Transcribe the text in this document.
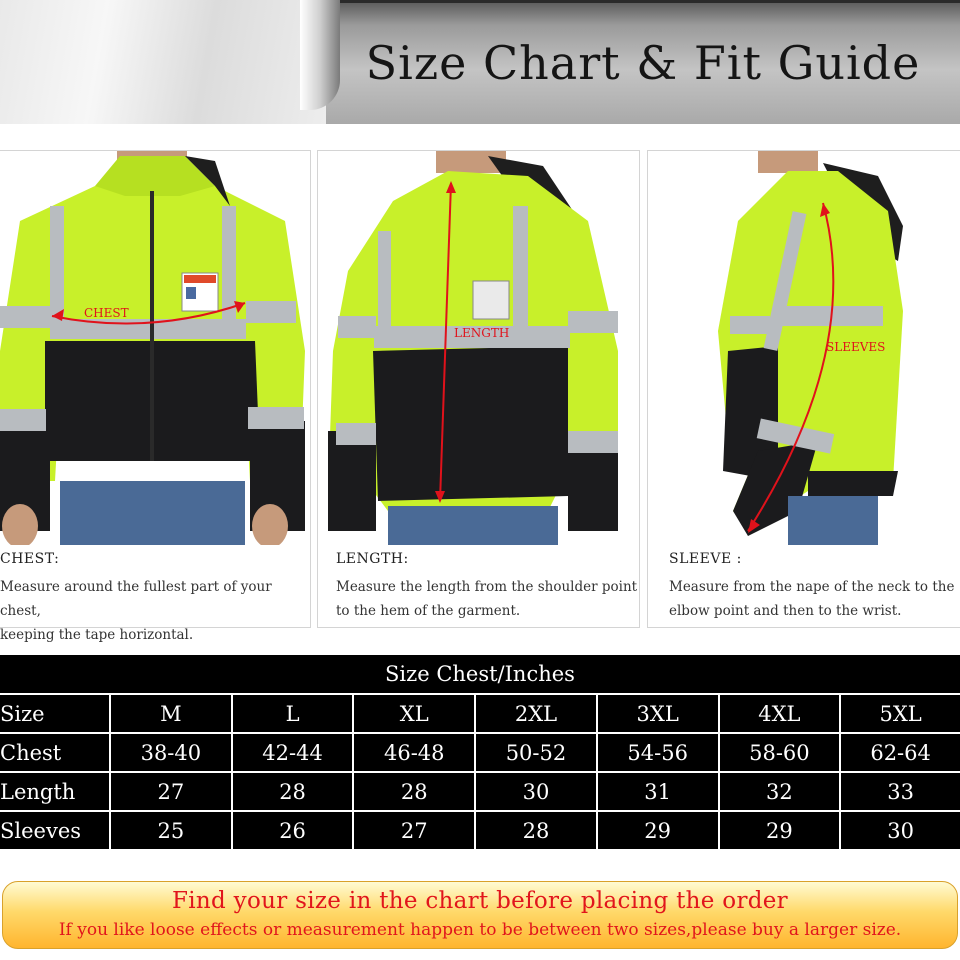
Size Chart & Fit Guide
CHEST
CHEST:
Measure around the fullest part of your chest,
keeping the tape horizontal.
LENGTH
LENGTH:
Measure the length from the shoulder point
to the hem of the garment.
SLEEVES
SLEEVE :
Measure from the nape of the neck to the
elbow point and then to the wrist.
Size Chest/Inches
Size	M	L	XL	2XL	3XL	4XL	5XL
Chest	38-40	42-44	46-48	50-52	54-56	58-60	62-64
Length	27	28	28	30	31	32	33
Sleeves	25	26	27	28	29	29	30
Find your size in the chart before placing the order
If you like loose effects or measurement happen to be between two sizes,please buy a larger size.
